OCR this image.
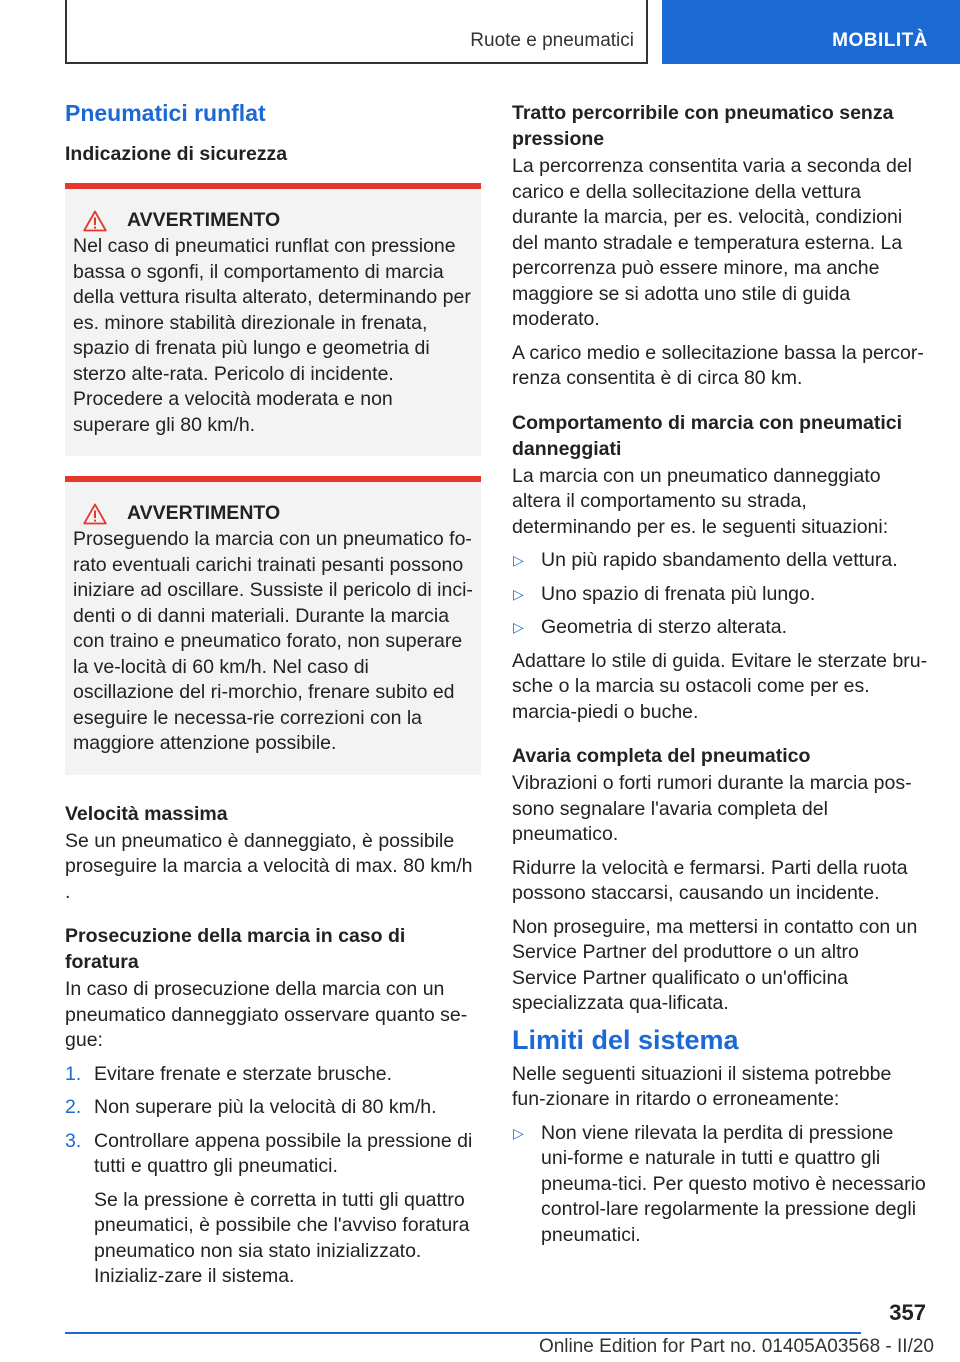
Ruote e pneumatici	MOBILITÀ
Pneumatici runflat
Indicazione di sicurezza
AVVERTIMENTO

Nel caso di pneumatici runflat con pressione bassa o sgonfi, il comportamento di marcia della vettura risulta alterato, determinando per es. minore stabilità direzionale in frenata, spazio di frenata più lungo e geometria di sterzo alte-rata. Pericolo di incidente. Procedere a velocità moderata e non superare gli 80 km/h.

AVVERTIMENTO

Proseguendo la marcia con un pneumatico fo-rato eventuali carichi trainati pesanti possono iniziare ad oscillare. Sussiste il pericolo di inci-denti o di danni materiali. Durante la marcia con traino e pneumatico forato, non superare la ve-locità di 60 km/h. Nel caso di oscillazione del ri-morchio, frenare subito ed eseguire le necessa-rie correzioni con la maggiore attenzione possibile.

Velocità massima

Se un pneumatico è danneggiato, è possibile proseguire la marcia a velocità di max. 80 km/h .

Prosecuzione della marcia in caso di foratura

In caso di prosecuzione della marcia con un pneumatico danneggiato osservare quanto se-gue:

1. Evitare frenate e sterzate brusche.
2. Non superare più la velocità di 80 km/h.
3. Controllare appena possibile la pressione di tutti e quattro gli pneumatici.

Se la pressione è corretta in tutti gli quattro pneumatici, è possibile che l'avviso foratura pneumatico non sia stato inizializzato. Inizializ-zare il sistema.

Tratto percorribile con pneumatico senza pressione

La percorrenza consentita varia a seconda del carico e della sollecitazione della vettura durante la marcia, per es. velocità, condizioni del manto stradale e temperatura esterna. La percorrenza può essere minore, ma anche maggiore se si adotta uno stile di guida moderato.

A carico medio e sollecitazione bassa la percor-renza consentita è di circa 80 km.

Comportamento di marcia con pneumatici danneggiati

La marcia con un pneumatico danneggiato altera il comportamento su strada, determinando per es. le seguenti situazioni:

▷ Un più rapido sbandamento della vettura.
▷ Uno spazio di frenata più lungo.
▷ Geometria di sterzo alterata.

Adattare lo stile di guida. Evitare le sterzate bru-sche o la marcia su ostacoli come per es. marcia-piedi o buche.

Avaria completa del pneumatico

Vibrazioni o forti rumori durante la marcia pos-sono segnalare l'avaria completa del pneumatico.

Ridurre la velocità e fermarsi. Parti della ruota possono staccarsi, causando un incidente.

Non proseguire, ma mettersi in contatto con un Service Partner del produttore o un altro Service Partner qualificato o un'officina specializzata qua-lificata.

Limiti del sistema

Nelle seguenti situazioni il sistema potrebbe fun-zionare in ritardo o erroneamente:

▷ Non viene rilevata la perdita di pressione uni-forme e naturale in tutti e quattro gli pneuma-tici. Per questo motivo è necessario control-lare regolarmente la pressione degli pneumatici.
357
Online Edition for Part no. 01405A03568 - II/20
